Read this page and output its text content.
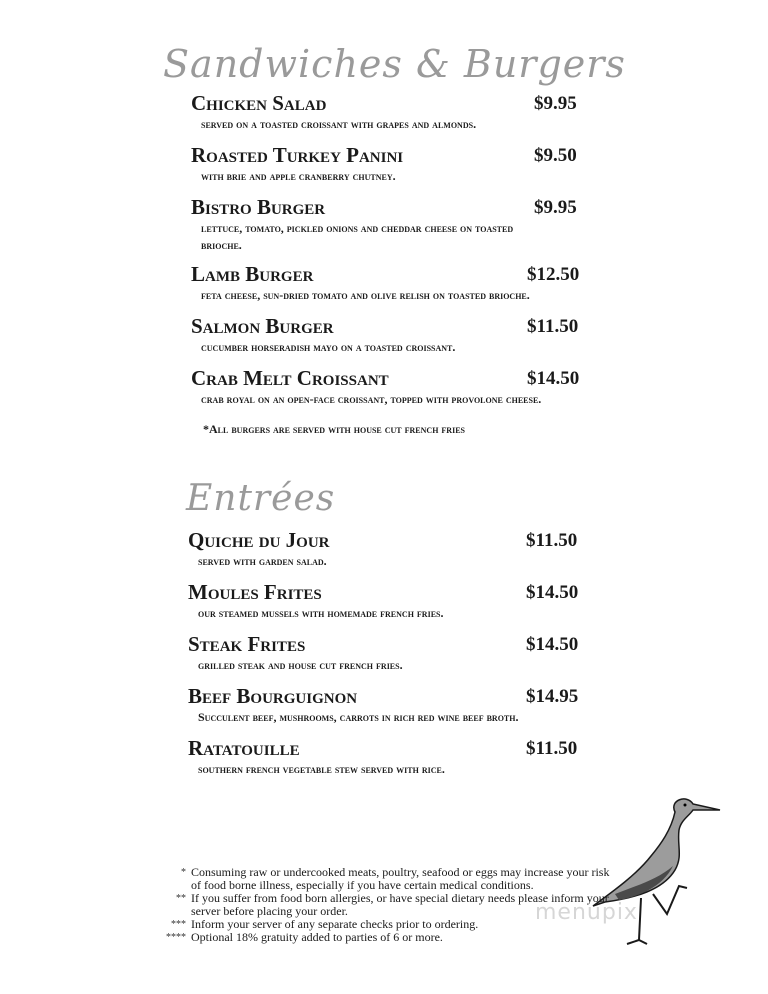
Sandwiches & Burgers
Chicken Salad
served on a toasted croissant with grapes and almonds.
$9.95
Roasted Turkey Panini
with brie and apple cranberry chutney.
$9.50
Bistro Burger
lettuce, tomato, pickled onions and cheddar cheese on toasted brioche.
$9.95
Lamb Burger
feta cheese, sun-dried tomato and olive relish on toasted brioche.
$12.50
Salmon Burger
cucumber horseradish mayo on a toasted croissant.
$11.50
Crab Melt Croissant
crab royal on an open-face croissant, topped with provolone cheese.
$14.50
*All burgers are served with house cut french fries
Entrées
Quiche du Jour
served with garden salad.
$11.50
Moules Frites
our steamed mussels with homemade french fries.
$14.50
Steak Frites
grilled steak and house cut french fries.
$14.50
Beef Bourguignon
Succulent beef, mushrooms, carrots in rich red wine beef broth.
$14.95
Ratatouille
southern french vegetable stew served with rice.
$11.50
menupix
* Consuming raw or undercooked meats, poultry, seafood or eggs may increase your risk of food borne illness, especially if you have certain medical conditions.
** If you suffer from food born allergies, or have special dietary needs please inform your server before placing your order.
*** Inform your server of any separate checks prior to ordering.
**** Optional 18% gratuity added to parties of 6 or more.
